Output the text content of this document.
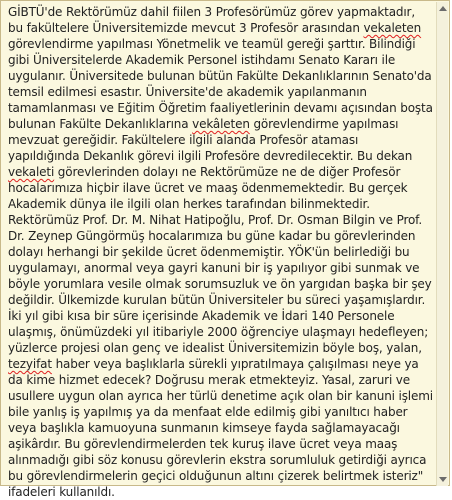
GİBTÜ'de Rektörümüz dahil fiilen 3 Profesörümüz görev yapmaktadır, bu fakültelere Üniversitemizde mevcut 3 Profesör arasından vekaleten görevlendirme yapılması Yönetmelik ve teamül gereği şarttır. Bilindiği gibi Üniversitelerde Akademik Personel istihdamı Senato Kararı ile uygulanır. Üniversitede bulunan bütün Fakülte Dekanlıklarının Senato'da temsil edilmesi esastır. Üniversite'de akademik yapılanmanın tamamlanması ve Eğitim Öğretim faaliyetlerinin devamı açısından boşta bulunan Fakülte Dekanlıklarına vekâleten görevlendirme yapılması mevzuat gereğidir. Fakültelere ilgili alanda Profesör ataması yapıldığında Dekanlık görevi ilgili Profesöre devredilecektir. Bu dekan vekaleti görevlerinden dolayı ne Rektörümüze ne de diğer Profesör hocalarımıza hiçbir ilave ücret ve maaş ödenmemektedir. Bu gerçek Akademik dünya ile ilgili olan herkes tarafından bilinmektedir. Rektörümüz Prof. Dr. M. Nihat Hatipoğlu, Prof. Dr. Osman Bilgin ve Prof. Dr. Zeynep Güngörmüş hocalarımıza bu güne kadar bu görevlerinden dolayı herhangi bir şekilde ücret ödenmemiştir. YÖK'ün belirlediği bu uygulamayı, anormal veya gayri kanuni bir iş yapılıyor gibi sunmak ve böyle yorumlara vesile olmak sorumsuzluk ve ön yargıdan başka bir şey değildir. Ülkemizde kurulan bütün Üniversiteler bu süreci yaşamışlardır. İki yıl gibi kısa bir süre içerisinde Akademik ve İdari 140 Personele ulaşmış, önümüzdeki yıl itibariyle 2000 öğrenciye ulaşmayı hedefleyen; yüzlerce projesi olan genç ve idealist Üniversitemizin böyle boş, yalan, tezyifat haber veya başlıklarla sürekli yıpratılmaya çalışılması neye ya da kime hizmet edecek? Doğrusu merak etmekteyiz. Yasal, zaruri ve usullere uygun olan ayrıca her türlü denetime açık olan bir kanuni işlemi bile yanlış iş yapılmış ya da menfaat elde edilmiş gibi yanıltıcı haber veya başlıkla kamuoyuna sunmanın kimseye fayda sağlamayacağı aşikârdır. Bu görevlendirmelerden tek kuruş ilave ücret veya maaş alınmadığı gibi söz konusu görevlerin ekstra sorumluluk getirdiği ayrıca bu görevlendirmelerin geçici olduğunun altını çizerek belirtmek isteriz" ifadeleri kullanıldı.
